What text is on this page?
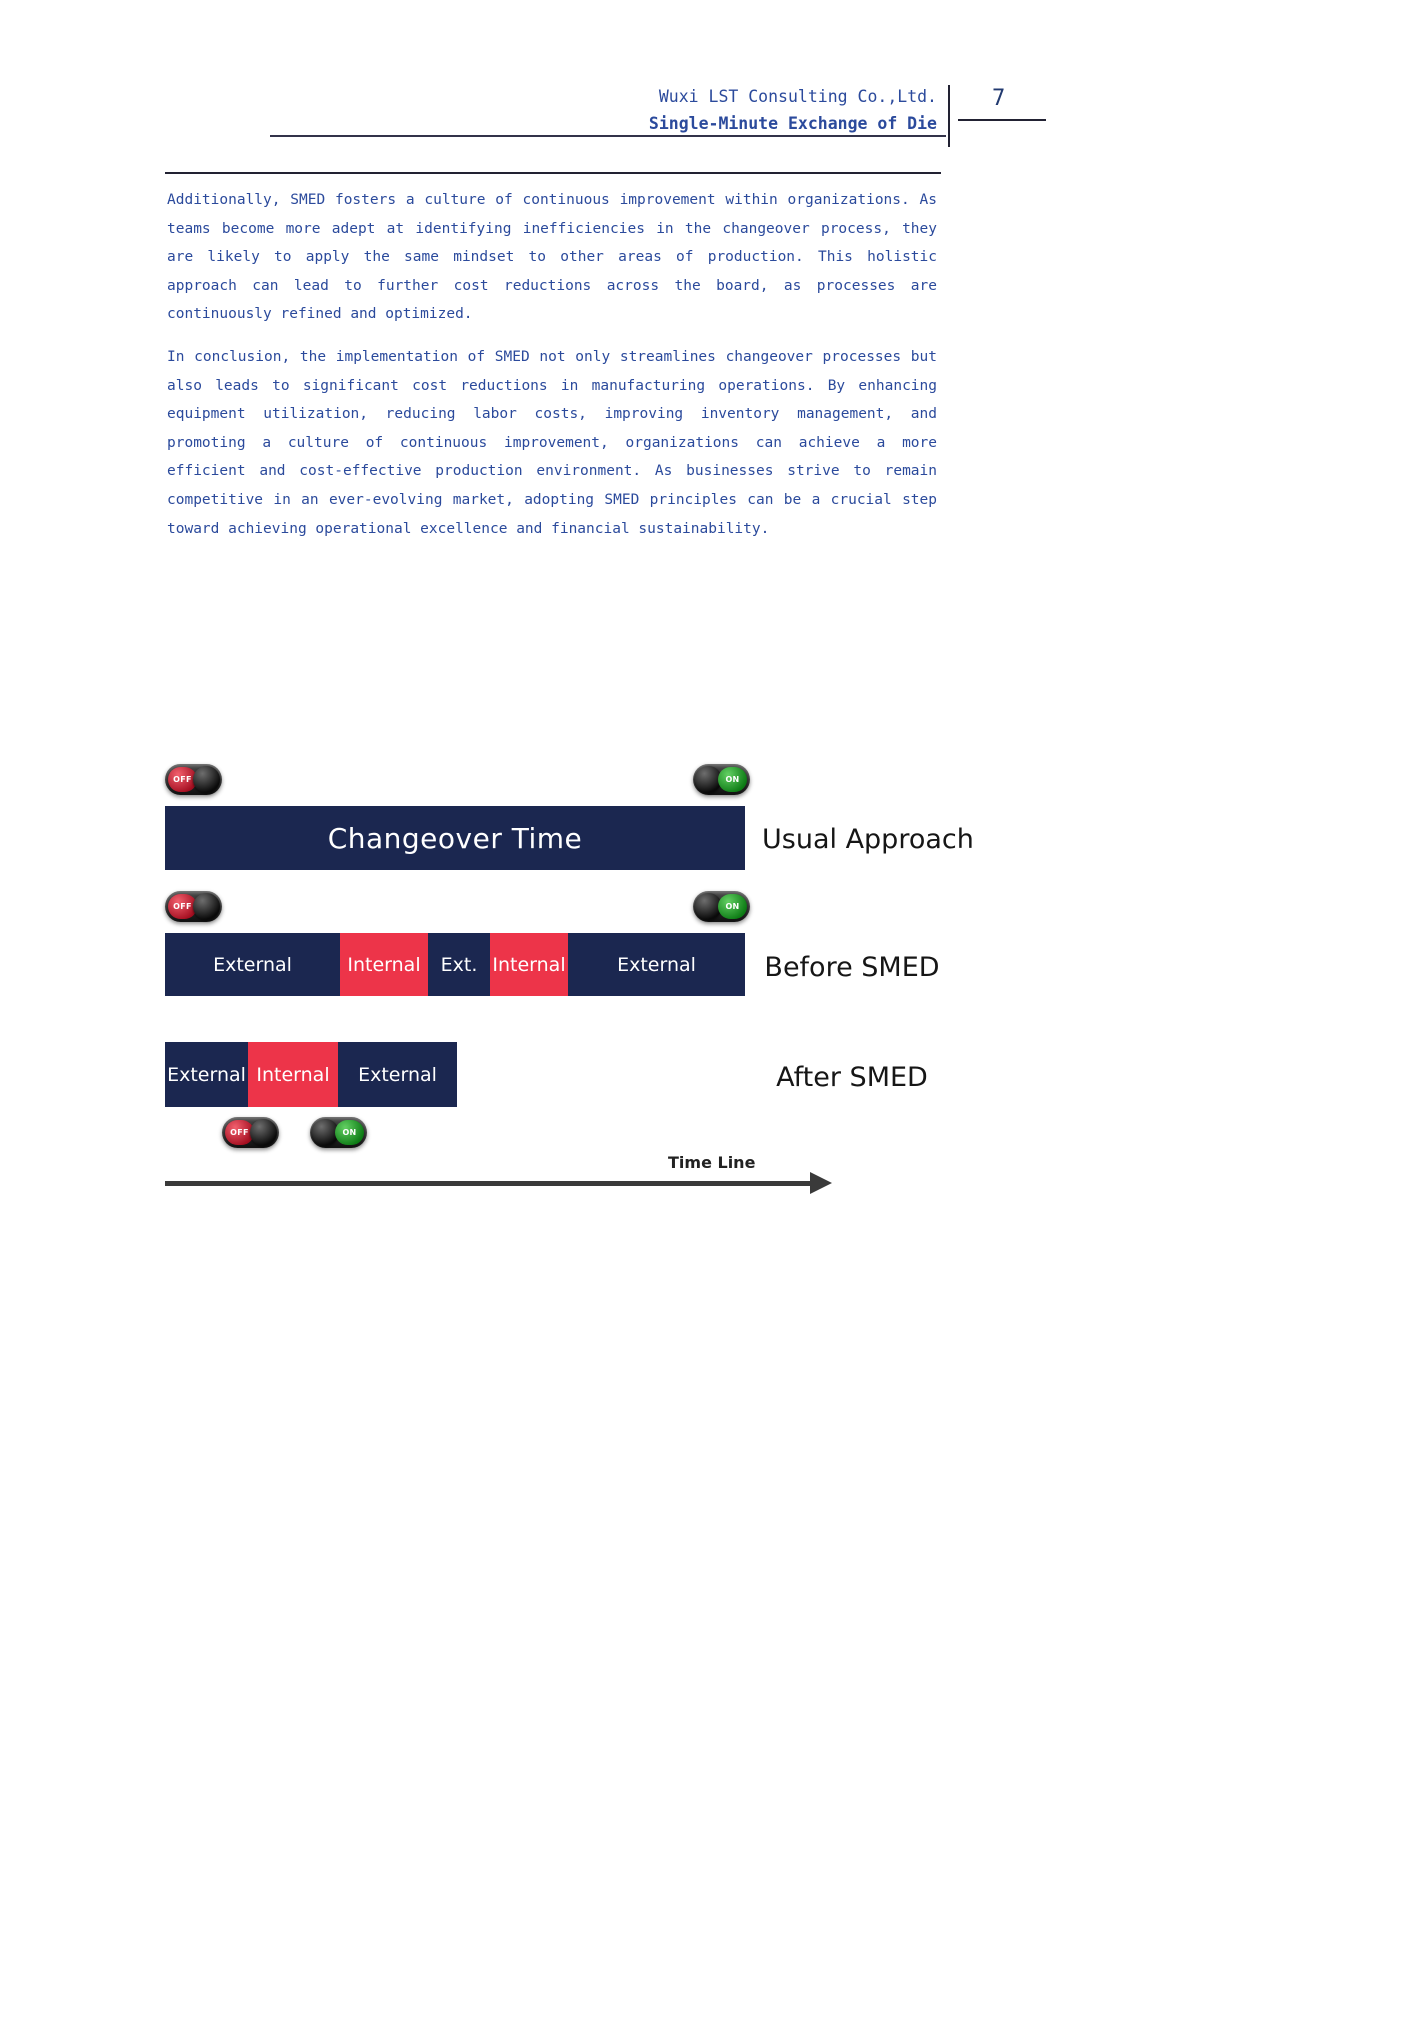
Wuxi LST Consulting Co.,Ltd.
Single-Minute Exchange of Die
7

Additionally, SMED fosters a culture of continuous improvement within organizations. As teams become more adept at identifying inefficiencies in the changeover process, they are likely to apply the same mindset to other areas of production. This holistic approach can lead to further cost reductions across the board, as processes are continuously refined and optimized.

In conclusion, the implementation of SMED not only streamlines changeover processes but also leads to significant cost reductions in manufacturing operations. By enhancing equipment utilization, reducing labor costs, improving inventory management, and promoting a culture of continuous improvement, organizations can achieve a more efficient and cost-effective production environment. As businesses strive to remain competitive in an ever-evolving market, adopting SMED principles can be a crucial step toward achieving operational excellence and financial sustainability.

OFF	ON
Changeover Time	Usual Approach
OFF	ON
External	Internal	Ext. Internal	External	Before SMED
External Internal	External	After SMED
OFF	ON
Time Line
